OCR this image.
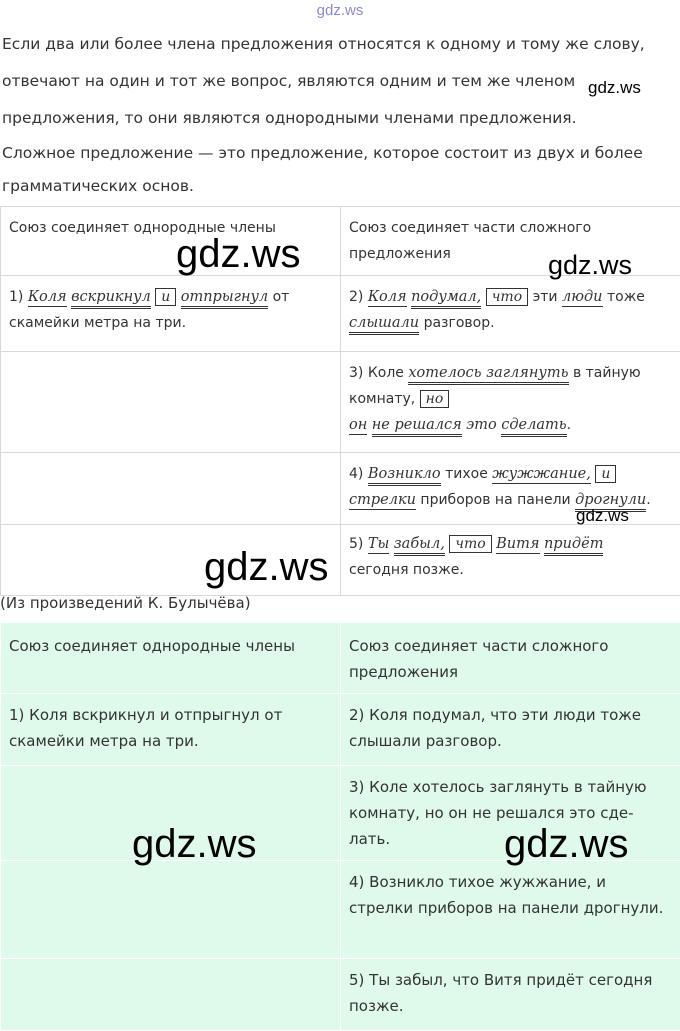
gdz.ws
Если два или более члена предложения относятся к одному и тому же слову,
отвечают на один и тот же вопрос, являются одним и тем же членом
предложения, то они являются однородными членами предложения.
Сложное предложение — это предложение, которое состоит из двух и более
грамматических основ.
Союз соединяет однородные члены	Союз соединяет части сложного предложения
1) Коля вскрикнул и отпрыгнул от скамейки метра на три.	2) Коля подумал, что эти люди тоже слышали разговор.
	3) Коле хотелось заглянуть в тайную комнату, но
он не решался это сделать.
	4) Возникло тихое жужжание, и
стрелки приборов на панели дрогнули.
	5) Ты забыл, что Витя придёт
сегодня позже.
(Из произведений К. Булычёва)
Союз соединяет однородные члены	Союз соединяет части сложного предложения
1) Коля вскрикнул и отпрыгнул от скамейки метра на три.	2) Коля подумал, что эти люди тоже слышали разговор.
	3) Коле хотелось заглянуть в тайную комнату, но он не решался это сде-лать.
	4) Возникло тихое жужжание, и стрелки приборов на панели дрогнули.
	5) Ты забыл, что Витя придёт сегодня позже.
gdz.ws
gdz.ws	gdz.ws
gdz.ws
gdz.ws
gdz.ws	gdz.ws
